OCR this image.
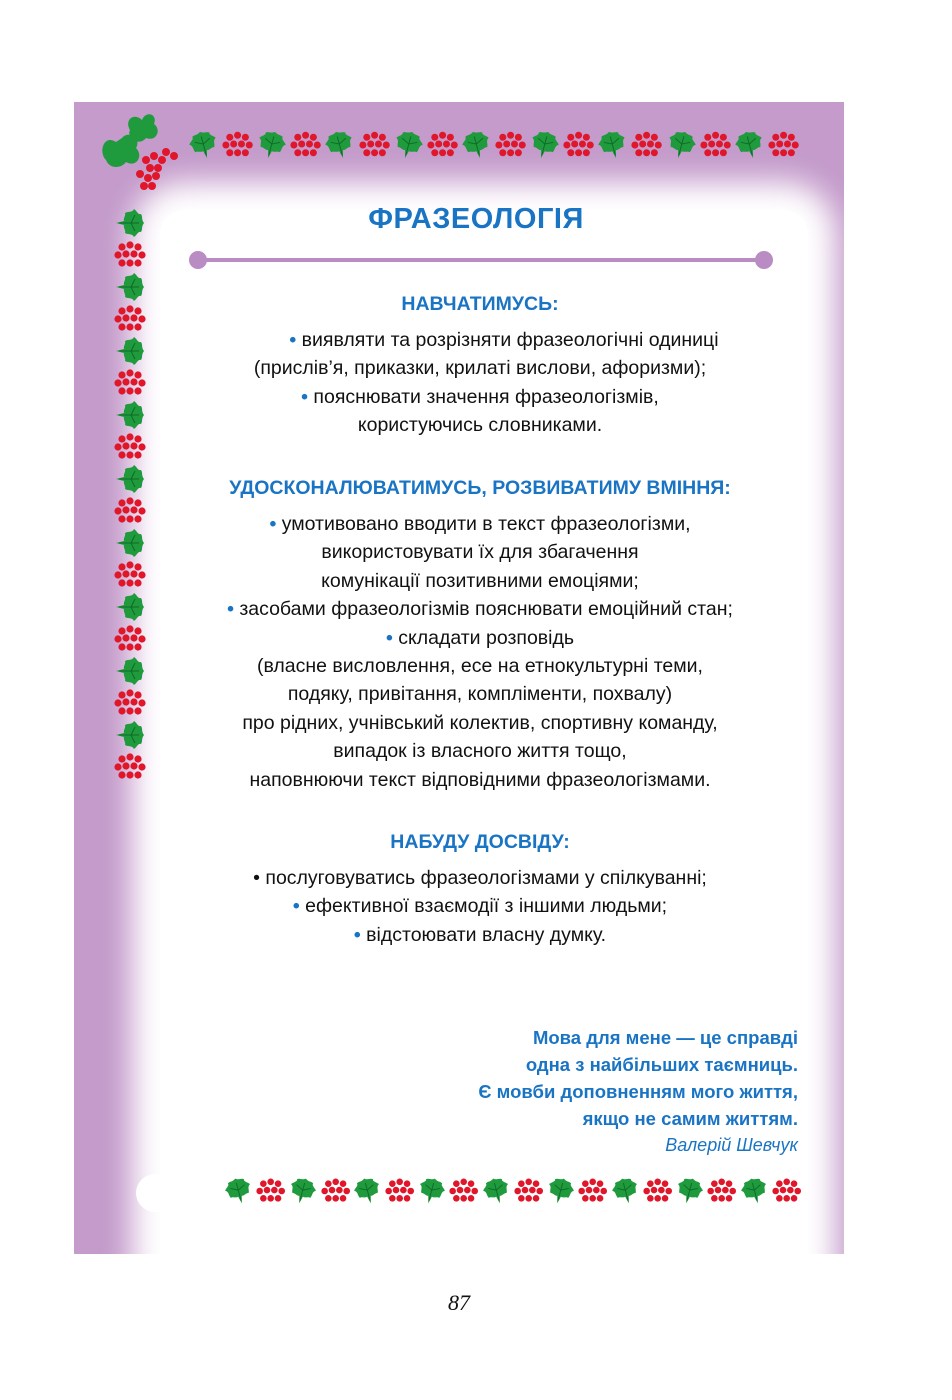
ФРАЗЕОЛОГІЯ

НАВЧАТИМУСЬ:

• виявляти та розрізняти фразеологічні одиниці

(прислів’я, приказки, крилаті вислови, афоризми);

• пояснювати значення фразеологізмів,

користуючись словниками.

УДОСКОНАЛЮВАТИМУСЬ, РОЗВИВАТИМУ ВМІННЯ:

• умотивовано вводити в текст фразеологізми,

використовувати їх для збагачення

комунікації позитивними емоціями;

• засобами фразеологізмів пояснювати емоційний стан;

• складати розповідь

(власне висловлення, есе на етнокультурні теми,

подяку, привітання, компліменти, похвалу)

про рідних, учнівський колектив, спортивну команду,

випадок із власного життя тощо,

наповнюючи текст відповідними фразеологізмами.

НАБУДУ ДОСВІДУ:

• послуговуватись фразеологізмами у спілкуванні;

• ефективної взаємодії з іншими людьми;

• відстоювати власну думку.

Мова для мене — це справді
одна з найбільших таємниць.
Є мовби доповненням мого життя,
якщо не самим життям.
Валерій Шевчук
87
